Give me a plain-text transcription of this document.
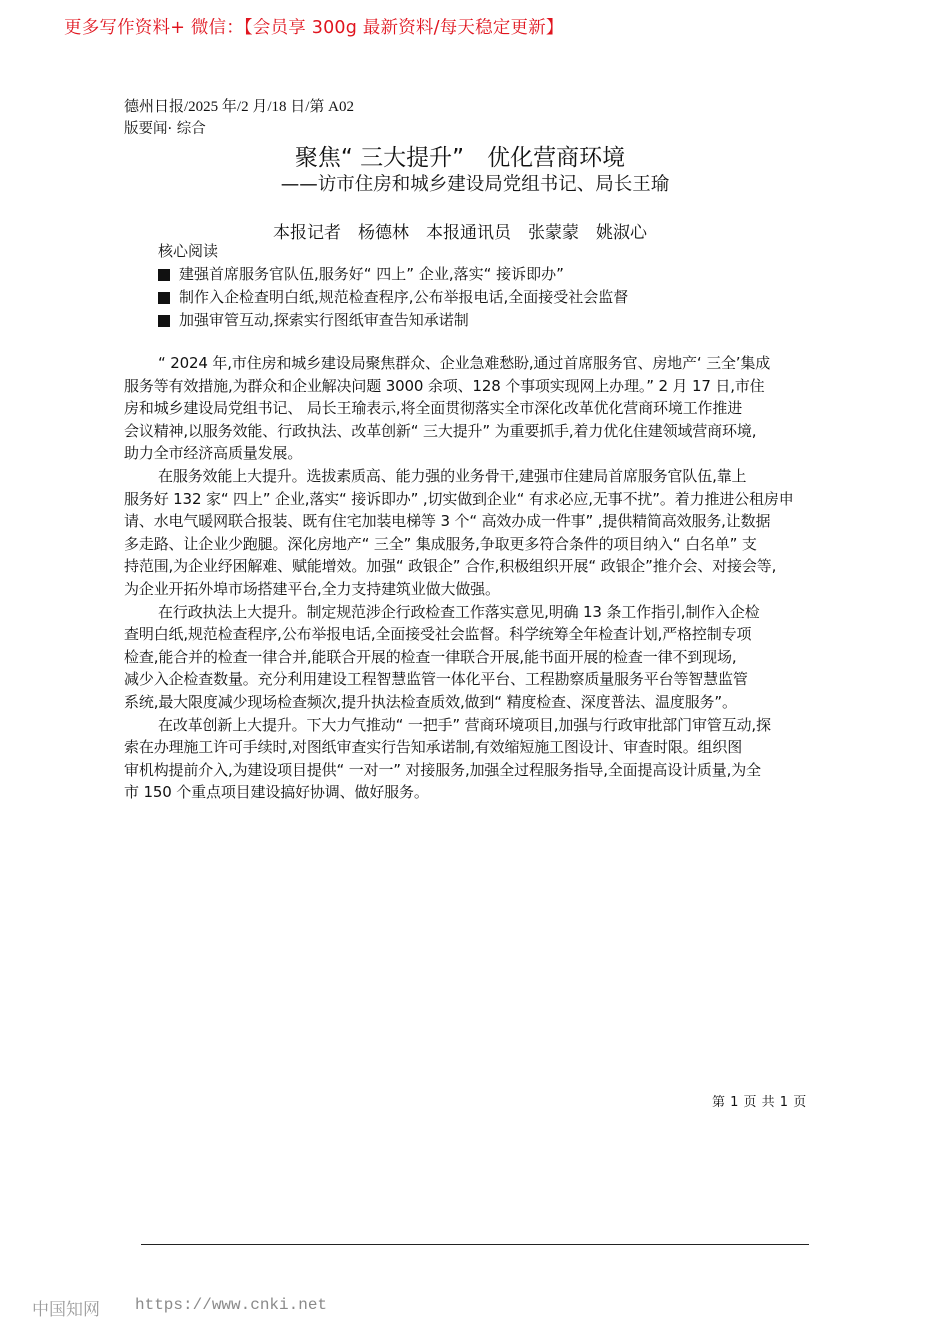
更多写作资料+ 微信：【会员享 300g 最新资料/每天稳定更新】
德州日报/2025 年/2 月/18 日/第 A02
版要闻· 综合
聚焦“ 三大提升”　优化营商环境
——访市住房和城乡建设局党组书记、局长王瑜
本报记者　杨德林　本报通讯员　张蒙蒙　姚淑心
核心阅读
建强首席服务官队伍,服务好“ 四上” 企业,落实“ 接诉即办”
制作入企检查明白纸,规范检查程序,公布举报电话,全面接受社会监督
加强审管互动,探索实行图纸审查告知承诺制
“ 2024 年,市住房和城乡建设局聚焦群众、企业急难愁盼,通过首席服务官、房地产‘ 三全’集成
服务等有效措施,为群众和企业解决问题 3000 余项、128 个事项实现网上办理。” 2 月 17 日,市住
房和城乡建设局党组书记、 局长王瑜表示,将全面贯彻落实全市深化改革优化营商环境工作推进
会议精神,以服务效能、行政执法、改革创新“ 三大提升” 为重要抓手,着力优化住建领域营商环境,
助力全市经济高质量发展。
在服务效能上大提升。选拔素质高、能力强的业务骨干,建强市住建局首席服务官队伍,靠上
服务好 132 家“ 四上” 企业,落实“ 接诉即办” ,切实做到企业“ 有求必应,无事不扰”。着力推进公租房申
请、水电气暖网联合报装、既有住宅加装电梯等 3 个“ 高效办成一件事” ,提供精简高效服务,让数据
多走路、让企业少跑腿。深化房地产“ 三全” 集成服务,争取更多符合条件的项目纳入“ 白名单” 支
持范围,为企业纾困解难、赋能增效。加强“ 政银企” 合作,积极组织开展“ 政银企”推介会、对接会等,
为企业开拓外埠市场搭建平台,全力支持建筑业做大做强。
在行政执法上大提升。制定规范涉企行政检查工作落实意见,明确 13 条工作指引,制作入企检
查明白纸,规范检查程序,公布举报电话,全面接受社会监督。科学统筹全年检查计划,严格控制专项
检查,能合并的检查一律合并,能联合开展的检查一律联合开展,能书面开展的检查一律不到现场,
减少入企检查数量。充分利用建设工程智慧监管一体化平台、工程勘察质量服务平台等智慧监管
系统,最大限度减少现场检查频次,提升执法检查质效,做到“ 精度检查、深度普法、温度服务”。
在改革创新上大提升。下大力气推动“ 一把手” 营商环境项目,加强与行政审批部门审管互动,探
索在办理施工许可手续时,对图纸审查实行告知承诺制,有效缩短施工图设计、审查时限。组织图
审机构提前介入,为建设项目提供“ 一对一” 对接服务,加强全过程服务指导,全面提高设计质量,为全
市 150 个重点项目建设搞好协调、做好服务。
第 1 页 共 1 页
中国知网 https://www.cnki.net
